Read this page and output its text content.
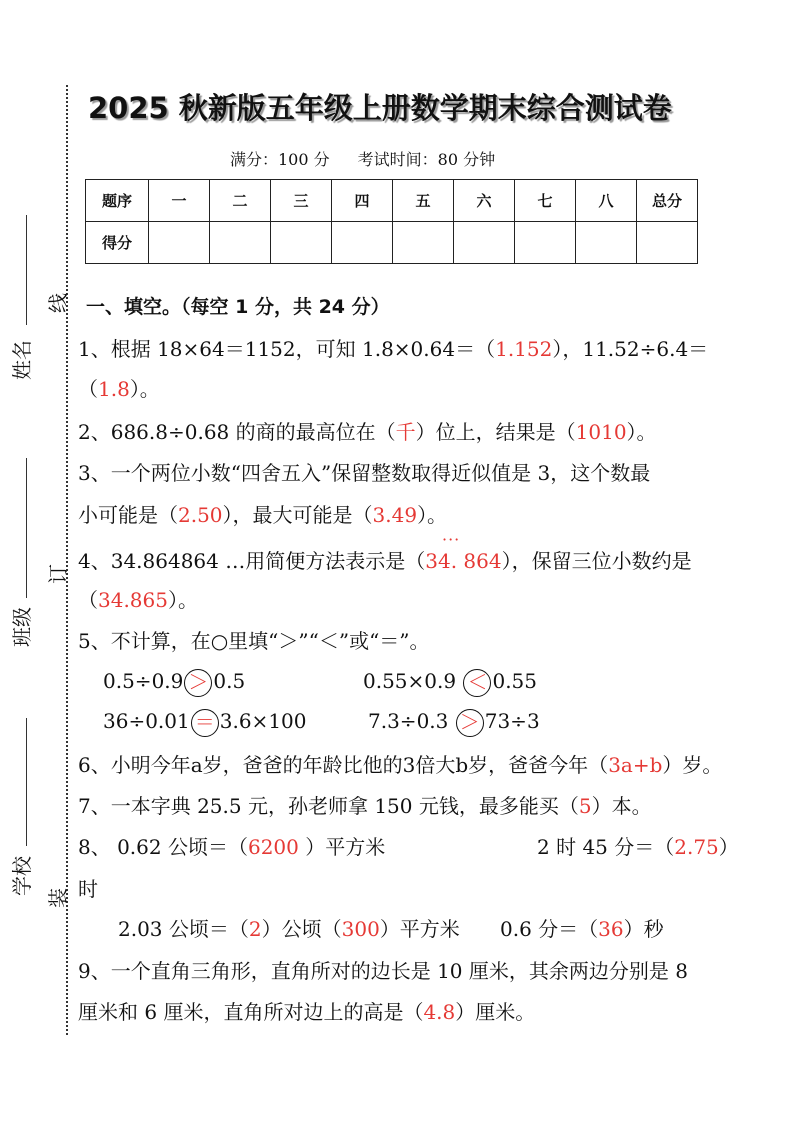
姓名
班级
学校
线
订
装
2025 秋新版五年级上册数学期末综合测试卷
满分：100 分 考试时间：80 分钟
题序	一	二	三	四	五	六	七	八	总分
得分									
一、填空。（每空 1 分，共 24 分）
1、根据 18×64＝1152，可知 1.8×0.64＝（1.152），11.52÷6.4＝
（1.8）。
2、686.8÷0.68 的商的最高位在（千）位上，结果是（1010）。
3、一个两位小数“四舍五入”保留整数取得近似值是 3，这个数最
小可能是（2.50），最大可能是（3.49）。
···
4、34.864864 …用简便方法表示是（34. 864），保留三位小数约是
（34.865）。
5、不计算，在○里填“＞”“＜”或“＝”。
0.5÷0.9 ＞ 0.5	0.55×0.9 ＜ 0.55
36÷0.01 ＝ 3.6×100	7.3÷0.3 ＞ 73÷3
6、小明今年a岁，爸爸的年龄比他的3倍大b岁，爸爸今年（3a+b）岁。
7、一本字典 25.5 元，孙老师拿 150 元钱，最多能买（5）本。
8、 0.62 公顷＝（6200 ）平方米	2 时 45 分＝（2.75）
时
2.03 公顷＝（2）公顷（300）平方米 0.6 分＝（36）秒
9、一个直角三角形，直角所对的边长是 10 厘米，其余两边分别是 8
厘米和 6 厘米，直角所对边上的高是（4.8）厘米。
